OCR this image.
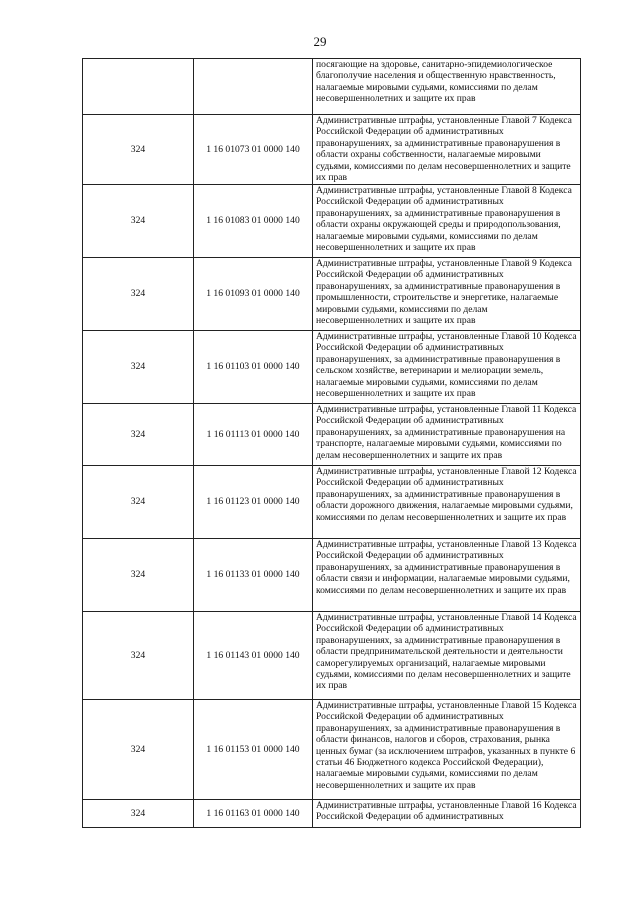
29
		посягающие на здоровье, санитарно-эпидемиологическое благополучие населения и общественную нравственность, налагаемые мировыми судьями, комиссиями по делам несовершеннолетних и защите их прав
324	1 16 01073 01 0000 140	Административные штрафы, установленные Главой 7 Кодекса Российской Федерации об административных правонарушениях, за административные правонарушения в области охраны собственности, налагаемые мировыми судьями, комиссиями по делам несовершеннолетних и защите их прав
324	1 16 01083 01 0000 140	Административные штрафы, установленные Главой 8 Кодекса Российской Федерации об административных правонарушениях, за административные правонарушения в области охраны окружающей среды и природопользования, налагаемые мировыми судьями, комиссиями по делам несовершеннолетних и защите их прав
324	1 16 01093 01 0000 140	Административные штрафы, установленные Главой 9 Кодекса Российской Федерации об административных правонарушениях, за административные правонарушения в промышленности, строительстве и энергетике, налагаемые мировыми судьями, комиссиями по делам несовершеннолетних и защите их прав
324	1 16 01103 01 0000 140	Административные штрафы, установленные Главой 10 Кодекса Российской Федерации об административных правонарушениях, за административные правонарушения в сельском хозяйстве, ветеринарии и мелиорации земель, налагаемые мировыми судьями, комиссиями по делам несовершеннолетних и защите их прав
324	1 16 01113 01 0000 140	Административные штрафы, установленные Главой 11 Кодекса Российской Федерации об административных правонарушениях, за административные правонарушения на транспорте, налагаемые мировыми судьями, комиссиями по делам несовершеннолетних и защите их прав
324	1 16 01123 01 0000 140	Административные штрафы, установленные Главой 12 Кодекса Российской Федерации об административных правонарушениях, за административные правонарушения в области дорожного движения, налагаемые мировыми судьями, комиссиями по делам несовершеннолетних и защите их прав
324	1 16 01133 01 0000 140	Административные штрафы, установленные Главой 13 Кодекса Российской Федерации об административных правонарушениях, за административные правонарушения в области связи и информации, налагаемые мировыми судьями, комиссиями по делам несовершеннолетних и защите их прав
324	1 16 01143 01 0000 140	Административные штрафы, установленные Главой 14 Кодекса Российской Федерации об административных правонарушениях, за административные правонарушения в области предпринимательской деятельности и деятельности саморегулируемых организаций, налагаемые мировыми судьями, комиссиями по делам несовершеннолетних и защите их прав
324	1 16 01153 01 0000 140	Административные штрафы, установленные Главой 15 Кодекса Российской Федерации об административных правонарушениях, за административные правонарушения в области финансов, налогов и сборов, страхования, рынка ценных бумаг (за исключением штрафов, указанных в пункте 6 статьи 46 Бюджетного кодекса Российской Федерации), налагаемые мировыми судьями, комиссиями по делам несовершеннолетних и защите их прав
324	1 16 01163 01 0000 140	Административные штрафы, установленные Главой 16 Кодекса Российской Федерации об административных
